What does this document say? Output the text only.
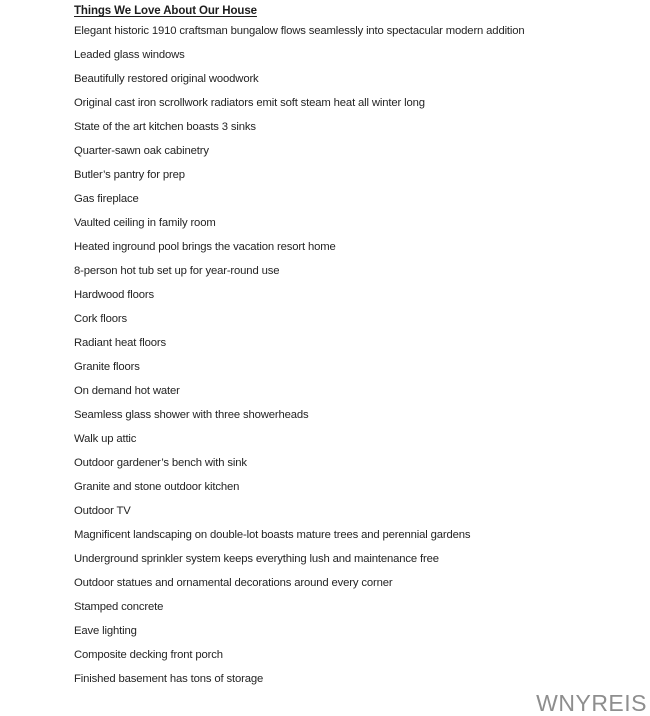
Things We Love About Our House

Elegant historic 1910 craftsman bungalow flows seamlessly into spectacular modern addition

Leaded glass windows

Beautifully restored original woodwork

Original cast iron scrollwork radiators emit soft steam heat all winter long

State of the art kitchen boasts 3 sinks

Quarter-sawn oak cabinetry

Butler’s pantry for prep

Gas fireplace

Vaulted ceiling in family room

Heated inground pool brings the vacation resort home

8-person hot tub set up for year-round use

Hardwood floors

Cork floors

Radiant heat floors

Granite floors

On demand hot water

Seamless glass shower with three showerheads

Walk up attic

Outdoor gardener’s bench with sink

Granite and stone outdoor kitchen

Outdoor TV

Magnificent landscaping on double-lot boasts mature trees and perennial gardens

Underground sprinkler system keeps everything lush and maintenance free

Outdoor statues and ornamental decorations around every corner

Stamped concrete

Eave lighting

Composite decking front porch

Finished basement has tons of storage

WNYREIS
